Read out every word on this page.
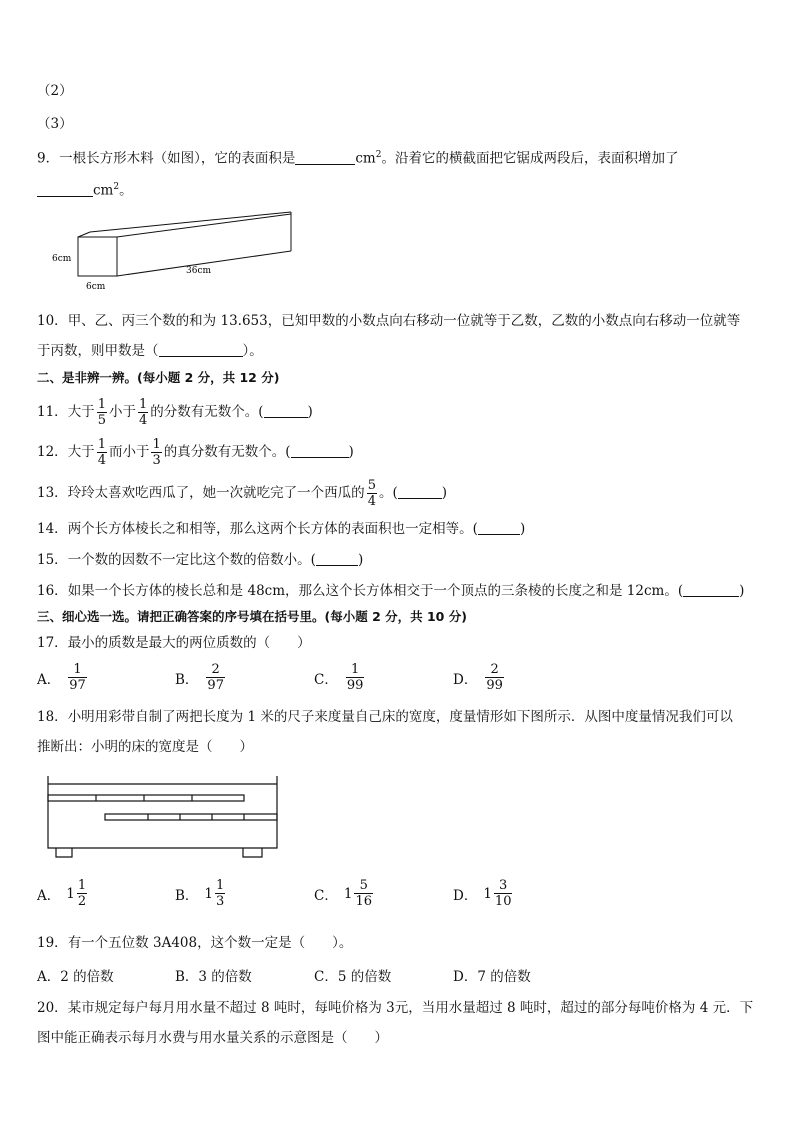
（2）
（3）
9．一根长方形木料（如图），它的表面积是	$cm^2$。沿着它的横截面把它锯成两段后，表面积增加了
$cm^2$。
6cm
6cm
36cm
10．甲、乙、丙三个数的和为 13.653，已知甲数的小数点向右移动一位就等于乙数，乙数的小数点向右移动一位就等
于丙数，则甲数是（	）。
二、是非辨一辨。(每小题 2 分，共 12 分)
11．大于 $\frac{1}{5}$ 小于 $\frac{1}{4}$ 的分数有无数个。(	)
12．大于 $\frac{1}{4}$ 而小于 $\frac{1}{3}$ 的真分数有无数个。(	)
13．玲玲太喜欢吃西瓜了，她一次就吃完了一个西瓜的 $\frac{5}{4}$ 。(	)
14．两个长方体棱长之和相等，那么这两个长方体的表面积也一定相等。(	)
15．一个数的因数不一定比这个数的倍数小。(	)
16．如果一个长方体的棱长总和是 48cm，那么这个长方体相交于一个顶点的三条棱的长度之和是 12cm。(	)
三、细心选一选。请把正确答案的序号填在括号里。(每小题 2 分，共 10 分)
17．最小的质数是最大的两位质数的（　　）
A． $\frac{1}{97}$	B． $\frac{2}{97}$	C． $\frac{1}{99}$	D． $\frac{2}{99}$
18．小明用彩带自制了两把长度为 1 米的尺子来度量自己床的宽度，度量情形如下图所示．从图中度量情况我们可以
推断出：小明的床的宽度是（　　）
A． $1 \frac{1}{2}$	B． $1 \frac{1}{3}$	C． $1 \frac{5}{16}$	D． $1 \frac{3}{10}$
19．有一个五位数 3A408，这个数一定是（　　）。
A．2 的倍数	B．3 的倍数	C．5 的倍数	D．7 的倍数
20．某市规定每户每月用水量不超过 8 吨时，每吨价格为 3元，当用水量超过 8 吨时，超过的部分每吨价格为 4 元．下
图中能正确表示每月水费与用水量关系的示意图是（　　）
